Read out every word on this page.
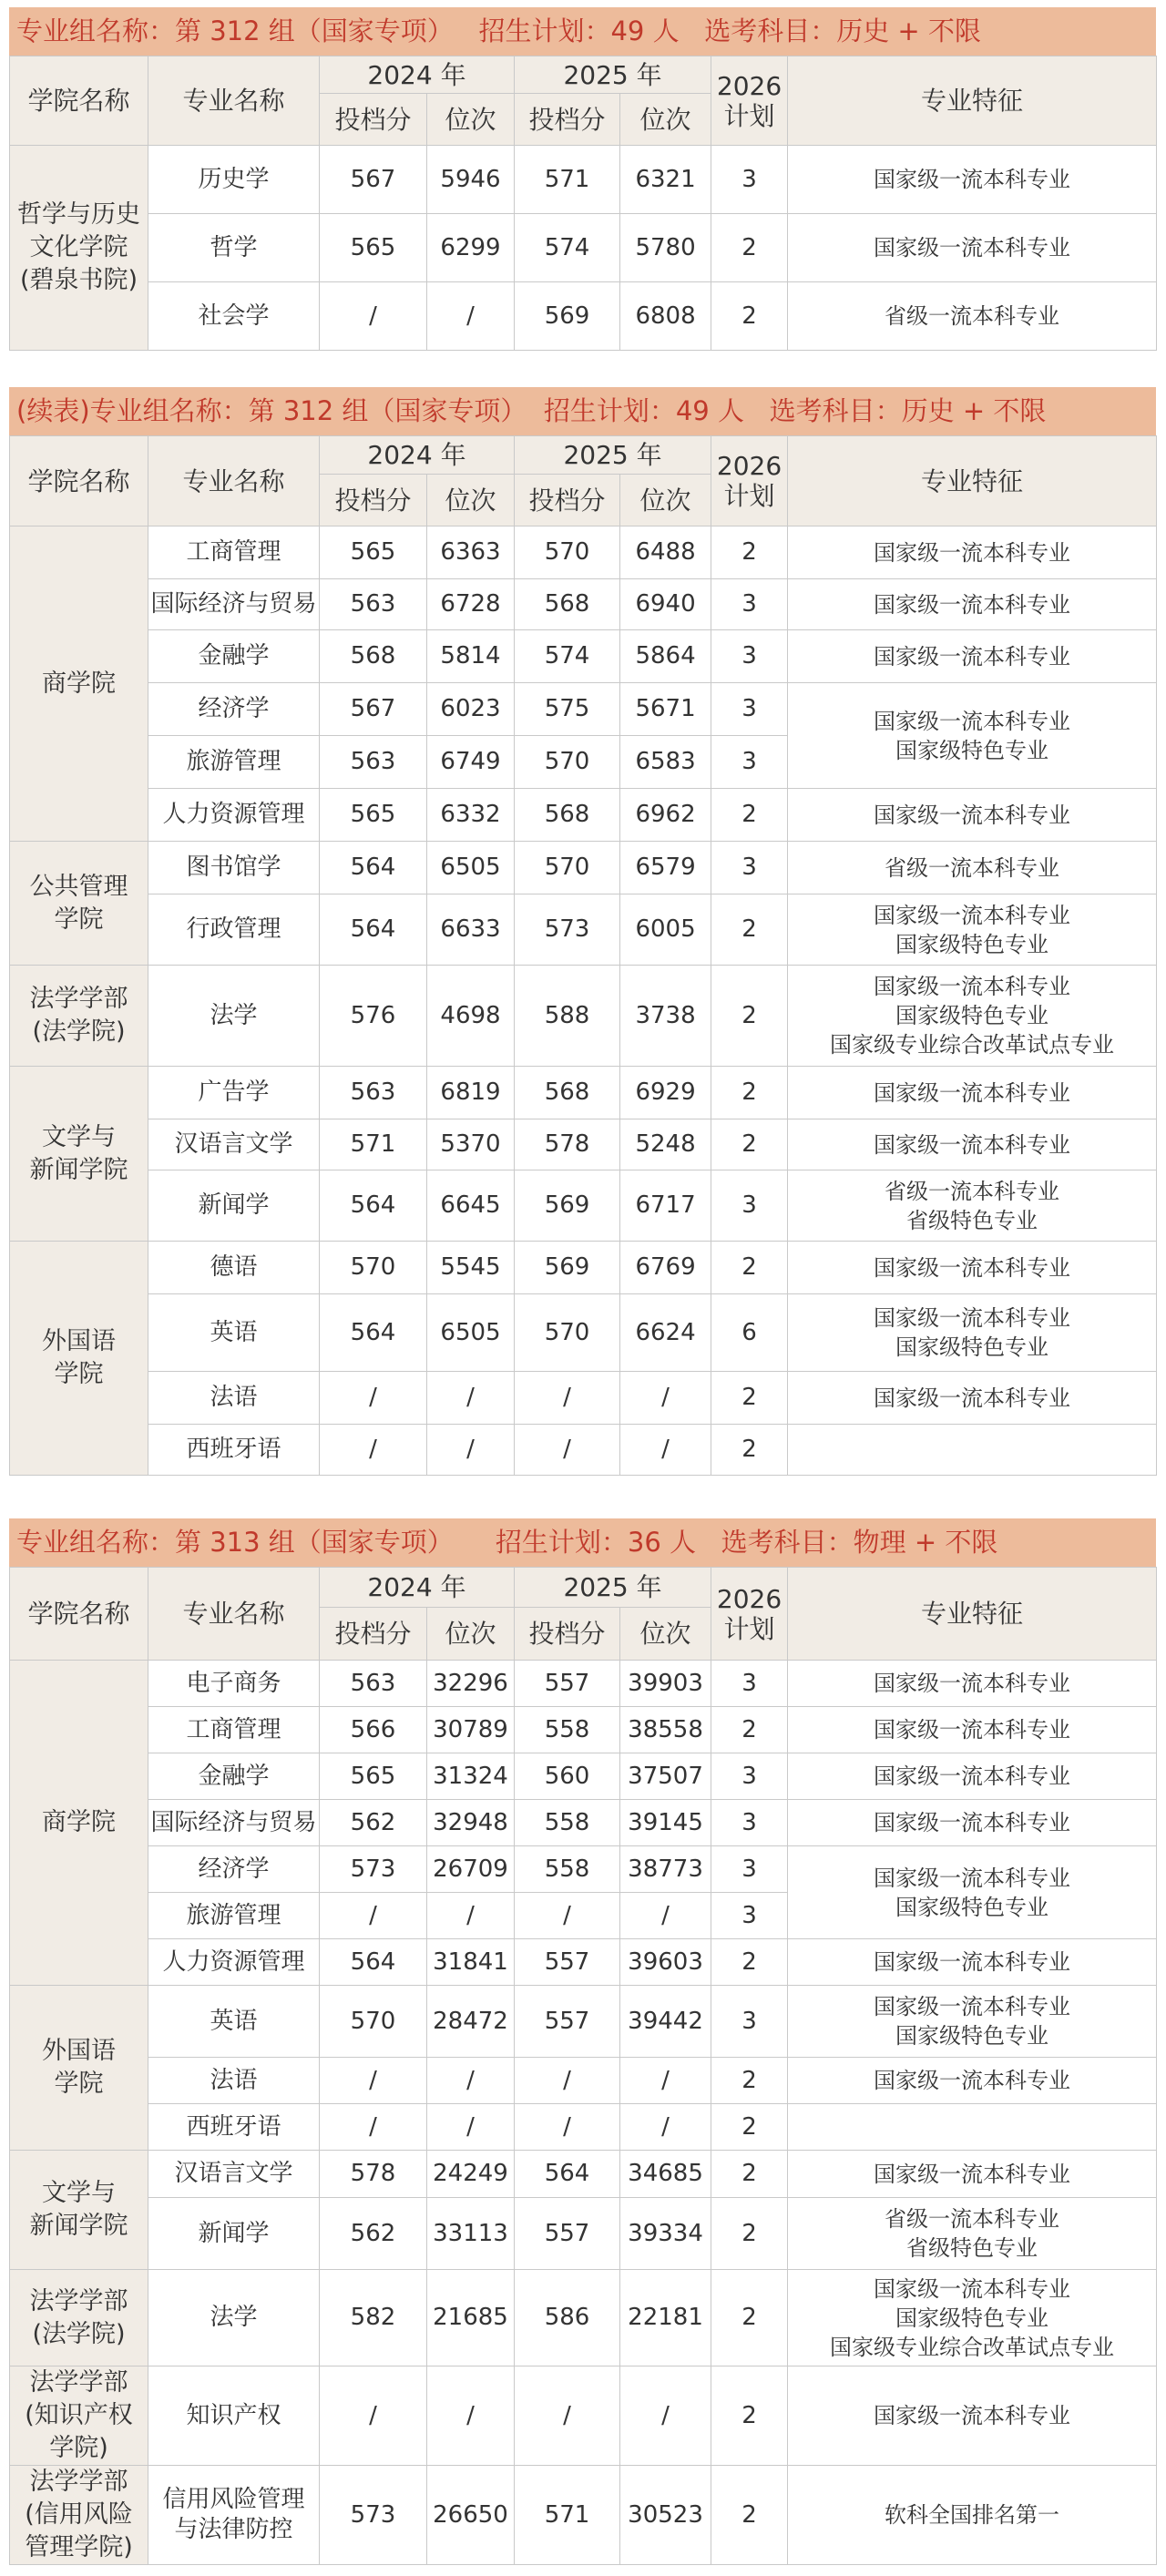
专业组名称：第 312 组（国家专项）   招生计划：49 人   选考科目：历史 + 不限
学院名称	专业名称	2024 年		2025 年		2026
计划	专业特征
		投档分	位次	投档分	位次		

哲学与历史
文化学院
(碧泉书院)	历史学	567	5946	571	6321	3	国家级一流本科专业

	哲学	565	6299	574	5780	2	国家级一流本科专业

	社会学	/	/	569	6808	2	省级一流本科专业
(续表)专业组名称：第 312 组（国家专项）  招生计划：49 人   选考科目：历史 + 不限
学院名称	专业名称	2024 年		2025 年		2026
计划	专业特征
		投档分	位次	投档分	位次		

商学院	工商管理	565	6363	570	6488	2	国家级一流本科专业

	国际经济与贸易	563	6728	568	6940	3	国家级一流本科专业

	金融学	568	5814	574	5864	3	国家级一流本科专业

	经济学	567	6023	575	5671	3	国家级一流本科专业
国家级特色专业

	旅游管理	563	6749	570	6583	3	
	人力资源管理	565	6332	568	6962	2	国家级一流本科专业

公共管理
学院	图书馆学	564	6505	570	6579	3	省级一流本科专业

	行政管理	564	6633	573	6005	2	国家级一流本科专业
国家级特色专业

法学学部
(法学院)	法学	576	4698	588	3738	2	国家级一流本科专业
国家级特色专业
国家级专业综合改革试点专业

文学与
新闻学院	广告学	563	6819	568	6929	2	国家级一流本科专业

	汉语言文学	571	5370	578	5248	2	国家级一流本科专业

	新闻学	564	6645	569	6717	3	省级一流本科专业
省级特色专业

外国语
学院	德语	570	5545	569	6769	2	国家级一流本科专业

	英语	564	6505	570	6624	6	国家级一流本科专业
国家级特色专业

	法语	/	/	/	/	2	国家级一流本科专业

	西班牙语	/	/	/	/	2	
专业组名称：第 313 组（国家专项）     招生计划：36 人   选考科目：物理 + 不限
学院名称	专业名称	2024 年		2025 年		2026
计划	专业特征
		投档分	位次	投档分	位次		

商学院	电子商务	563	32296	557	39903	3	国家级一流本科专业

	工商管理	566	30789	558	38558	2	国家级一流本科专业

	金融学	565	31324	560	37507	3	国家级一流本科专业

	国际经济与贸易	562	32948	558	39145	3	国家级一流本科专业

	经济学	573	26709	558	38773	3	国家级一流本科专业
国家级特色专业

	旅游管理	/	/	/	/	3	
	人力资源管理	564	31841	557	39603	2	国家级一流本科专业

外国语
学院	英语	570	28472	557	39442	3	国家级一流本科专业
国家级特色专业

	法语	/	/	/	/	2	国家级一流本科专业

	西班牙语	/	/	/	/	2	

文学与
新闻学院	汉语言文学	578	24249	564	34685	2	国家级一流本科专业

	新闻学	562	33113	557	39334	2	省级一流本科专业
省级特色专业

法学学部
(法学院)	法学	582	21685	586	22181	2	国家级一流本科专业
国家级特色专业
国家级专业综合改革试点专业

法学学部
(知识产权
学院)	知识产权	/	/	/	/	2	国家级一流本科专业

法学学部
(信用风险
管理学院)	信用风险管理
与法律防控	573	26650	571	30523	2	软科全国排名第一
